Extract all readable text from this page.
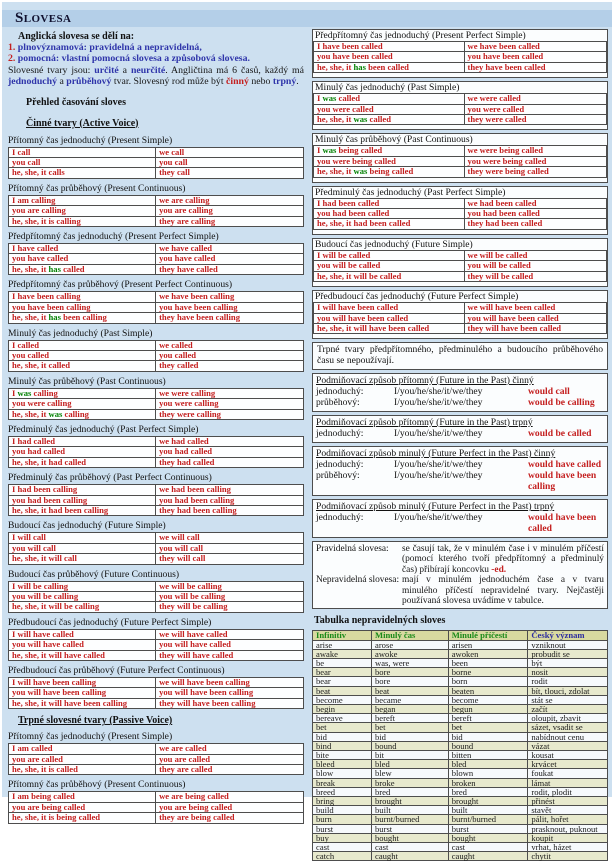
Slovesa
Anglická slovesa se dělí na:
1. plnovýznamová: pravidelná a nepravidelná,
2. pomocná: vlastní pomocná slovesa a způsobová slovesa.
Slovesné tvary jsou: určité a neurčité. Angličtina má 6 časů, každý má jednoduchý a průběhový tvar. Slovesný rod může být činný nebo trpný.
Přehled časování sloves
Činné tvary (Active Voice)
Přítomný čas jednoduchý (Present Simple)
I call	we call
you call	you call
he, she, it calls	they call
Přítomný čas průběhový (Present Continuous)
I am calling	we are calling
you are calling	you are calling
he, she, it is calling	they are calling
Předpřítomný čas jednoduchý (Present Perfect Simple)
I have called	we have called
you have called	you have called
he, she, it has called	they have called
Předpřítomný čas průběhový (Present Perfect Continuous)
I have been calling	we have been calling
you have been calling	you have been calling
he, she, it has been calling	they have been calling
Minulý čas jednoduchý (Past Simple)
I called	we called
you called	you called
he, she, it called	they called
Minulý čas průběhový (Past Continuous)
I was calling	we were calling
you were calling	you were calling
he, she, it was calling	they were calling
Předminulý čas jednoduchý (Past Perfect Simple)
I had called	we had called
you had called	you had called
he, she, it had called	they had called
Předminulý čas průběhový (Past Perfect Continuous)
I had been calling	we had been calling
you had been calling	you had been calling
he, she, it had been calling	they had been calling
Budoucí čas jednoduchý (Future Simple)
I will call	we will call
you will call	you will call
he, she, it will call	they will call
Budoucí čas průběhový (Future Continuous)
I will be calling	we will be calling
you will be calling	you will be calling
he, she, it will be calling	they will be calling
Předbudoucí čas jednoduchý (Future Perfect Simple)
I will have called	we will have called
you will have called	you will have called
he, she, it will have called	they will have called
Předbudoucí čas průběhový (Future Perfect Continuous)
I will have been calling	we will have been calling
you will have been calling	you will have been calling
he, she, it will have been calling	they will have been calling
Trpné slovesné tvary (Passive Voice)
Přítomný čas jednoduchý (Present Simple)
I am called	we are called
you are called	you are called
he, she, it is called	they are called
Přítomný čas průběhový (Present Continuous)
I am being called	we are being called
you are being called	you are being called
he, she, it is being called	they are being called
Předpřítomný čas jednoduchý (Present Perfect Simple)
I have been called	we have been called
you have been called	you have been called
he, she, it has been called	they have been called
Minulý čas jednoduchý (Past Simple)
I was called	we were called
you were called	you were called
he, she, it was called	they were called
Minulý čas průběhový (Past Continuous)
I was being called	we were being called
you were being called	you were being called
he, she, it was being called	they were being called
Předminulý čas jednoduchý (Past Perfect Simple)
I had been called	we had been called
you had been called	you had been called
he, she, it had been called	they had been called
Budoucí čas jednoduchý (Future Simple)
I will be called	we will be called
you will be called	you will be called
he, she, it will be called	they will be called
Předbudoucí čas jednoduchý (Future Perfect Simple)
I will have been called	we will have been called
you will have been called	you will have been called
he, she, it will have been called	they will have been called
Trpné tvary předpřítomného, předminulého a budoucího průběhového času se nepoužívají.
Podmiňovací způsob přítomný (Future in the Past) činný
jednoduchý:	I/you/he/she/it/we/they	would call
průběhový:	I/you/he/she/it/we/they	would be calling
Podmiňovací způsob přítomný (Future in the Past) trpný
jednoduchý:	I/you/he/she/it/we/they	would be called
Podmiňovací způsob minulý (Future Perfect in the Past) činný
jednoduchý:	I/you/he/she/it/we/they	would have called
průběhový:	I/you/he/she/it/we/they	would have been calling
Podmiňovací způsob minulý (Future Perfect in the Past) trpný
jednoduchý:	I/you/he/she/it/we/they	would have been called
Pravidelná slovesa:	se časují tak, že v minulém čase i v minulém příčestí (pomocí kterého tvoří předpřítomný a předminulý čas) přibírají koncovku -ed.
Nepravidelná slovesa: mají v minulém jednoduchém čase a v tvaru minulého příčestí nepravidelné tvary. Nejčastěji používaná slovesa uvádíme v tabulce.
Tabulka nepravidelných sloves
Infinitiv	Minulý čas	Minulé příčestí	Český význam
arise	arose	arisen	vzniknout
awake	awoke	awoken	probudit se
be	was, were	been	být
bear	bore	borne	nosit
bear	bore	born	rodit
beat	beat	beaten	bít, tlouci, zdolat
become	became	become	stát se
begin	began	begun	začít
bereave	bereft	bereft	oloupit, zbavit
bet	bet	bet	sázet, vsadit se
bid	bid	bid	nabídnout cenu
bind	bound	bound	vázat
bite	bit	bitten	kousat
bleed	bled	bled	krvácet
blow	blew	blown	foukat
break	broke	broken	lámat
breed	bred	bred	rodit, plodit
bring	brought	brought	přinést
build	built	built	stavět
burn	burnt/burned	burnt/burned	pálit, hořet
burst	burst	burst	prasknout, puknout
buy	bought	bought	koupit
cast	cast	cast	vrhat, házet
catch	caught	caught	chytit
